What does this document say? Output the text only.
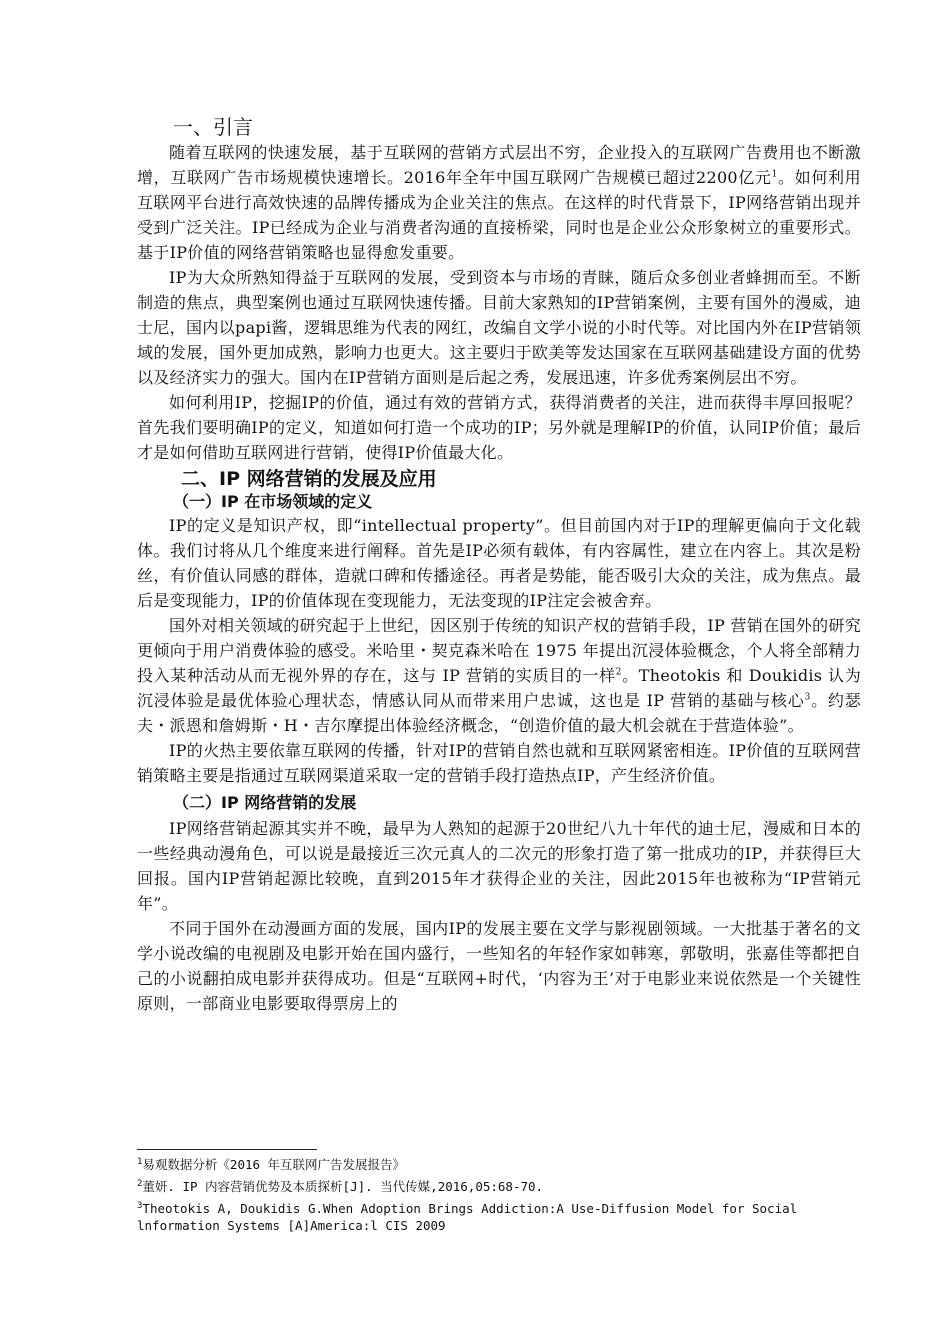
一、引言

随着互联网的快速发展，基于互联网的营销方式层出不穷，企业投入的互联网广告费用也不断激增，互联网广告市场规模快速增长。2016年全年中国互联网广告规模已超过2200亿元$^1$。如何利用互联网平台进行高效快速的品牌传播成为企业关注的焦点。在这样的时代背景下，IP网络营销出现并受到广泛关注。IP已经成为企业与消费者沟通的直接桥梁，同时也是企业公众形象树立的重要形式。基于IP价值的网络营销策略也显得愈发重要。

IP为大众所熟知得益于互联网的发展，受到资本与市场的青睐，随后众多创业者蜂拥而至。不断制造的焦点，典型案例也通过互联网快速传播。目前大家熟知的IP营销案例，主要有国外的漫威，迪士尼，国内以papi酱，逻辑思维为代表的网红，改编自文学小说的小时代等。对比国内外在IP营销领域的发展，国外更加成熟，影响力也更大。这主要归于欧美等发达国家在互联网基础建设方面的优势以及经济实力的强大。国内在IP营销方面则是后起之秀，发展迅速，许多优秀案例层出不穷。

如何利用IP，挖掘IP的价值，通过有效的营销方式，获得消费者的关注，进而获得丰厚回报呢？首先我们要明确IP的定义，知道如何打造一个成功的IP；另外就是理解IP的价值，认同IP价值；最后才是如何借助互联网进行营销，使得IP价值最大化。

二、IP 网络营销的发展及应用
（一）IP 在市场领域的定义

IP的定义是知识产权，即“intellectual property”。但目前国内对于IP的理解更偏向于文化载体。我们讨将从几个维度来进行阐释。首先是IP必须有载体，有内容属性，建立在内容上。其次是粉丝，有价值认同感的群体，造就口碑和传播途径。再者是势能，能否吸引大众的关注，成为焦点。最后是变现能力，IP的价值体现在变现能力，无法变现的IP注定会被舍弃。

国外对相关领域的研究起于上世纪，因区别于传统的知识产权的营销手段，IP 营销在国外的研究更倾向于用户消费体验的感受。米哈里・契克森米哈在 1975 年提出沉浸体验概念，个人将全部精力投入某种活动从而无视外界的存在，这与 IP 营销的实质目的一样$^2$。Theotokis 和 Doukidis 认为沉浸体验是最优体验心理状态，情感认同从而带来用户忠诚，这也是 IP 营销的基础与核心$^3$。约瑟夫・派恩和詹姆斯・H・吉尔摩提出体验经济概念，“创造价值的最大机会就在于营造体验”。

IP的火热主要依靠互联网的传播，针对IP的营销自然也就和互联网紧密相连。IP价值的互联网营销策略主要是指通过互联网渠道采取一定的营销手段打造热点IP，产生经济价值。

（二）IP 网络营销的发展

IP网络营销起源其实并不晚，最早为人熟知的起源于20世纪八九十年代的迪士尼，漫威和日本的一些经典动漫角色，可以说是最接近三次元真人的二次元的形象打造了第一批成功的IP，并获得巨大回报。国内IP营销起源比较晚，直到2015年才获得企业的关注，因此2015年也被称为“IP营销元年”。

不同于国外在动漫画方面的发展，国内IP的发展主要在文学与影视剧领域。一大批基于著名的文学小说改编的电视剧及电影开始在国内盛行，一些知名的年轻作家如韩寒，郭敬明，张嘉佳等都把自己的小说翻拍成电影并获得成功。但是“互联网+时代，‘内容为王’对于电影业来说依然是一个关键性原则，一部商业电影要取得票房上的

$^1$易观数据分析《2016 年互联网广告发展报告》
$^2$董妍. IP 内容营销优势及本质探析[J]. 当代传媒,2016,05:68-70.
$^3$Theotokis A, Doukidis G.When Adoption Brings Addiction:A Use-Diffusion Model for Social lnformation Systems [A]America:l CIS 2009
